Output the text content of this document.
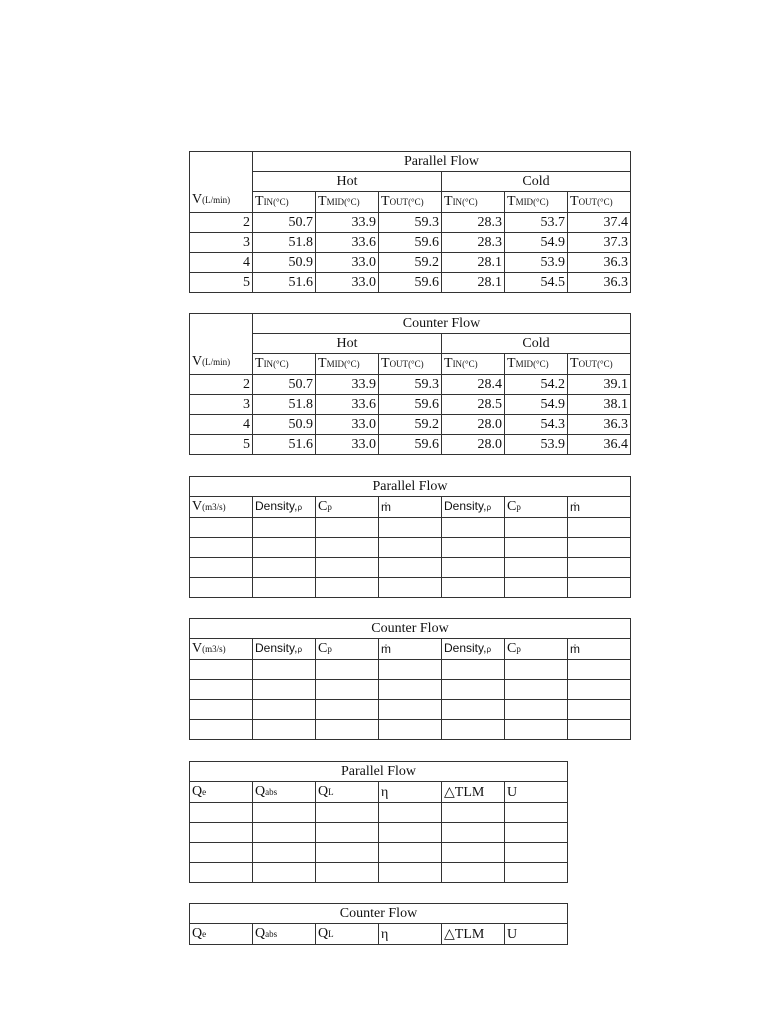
V(L/min)	Parallel Flow					
	Hot			Cold		
	TIN(°C)	TMID(°C)	TOUT(°C)	TIN(°C)	TMID(°C)	TOUT(°C)
2	50.7	33.9	59.3	28.3	53.7	37.4
3	51.8	33.6	59.6	28.3	54.9	37.3
4	50.9	33.0	59.2	28.1	53.9	36.3
5	51.6	33.0	59.6	28.1	54.5	36.3
V(L/min)	Counter Flow					
	Hot			Cold		
	TIN(°C)	TMID(°C)	TOUT(°C)	TIN(°C)	TMID(°C)	TOUT(°C)
2	50.7	33.9	59.3	28.4	54.2	39.1
3	51.8	33.6	59.6	28.5	54.9	38.1
4	50.9	33.0	59.2	28.0	54.3	36.3
5	51.6	33.0	59.6	28.0	53.9	36.4
Parallel Flow						
V(m3/s)	Density,ρ	Cp	ṁ	Density,ρ	Cp	ṁ

Counter Flow						
V(m3/s)	Density,ρ	Cp	ṁ	Density,ρ	Cp	ṁ

Parallel Flow					
Qe	Qabs	QL	η	△TLM	U

Counter Flow
Qe	Qabs	QL	η	△TLM	U
